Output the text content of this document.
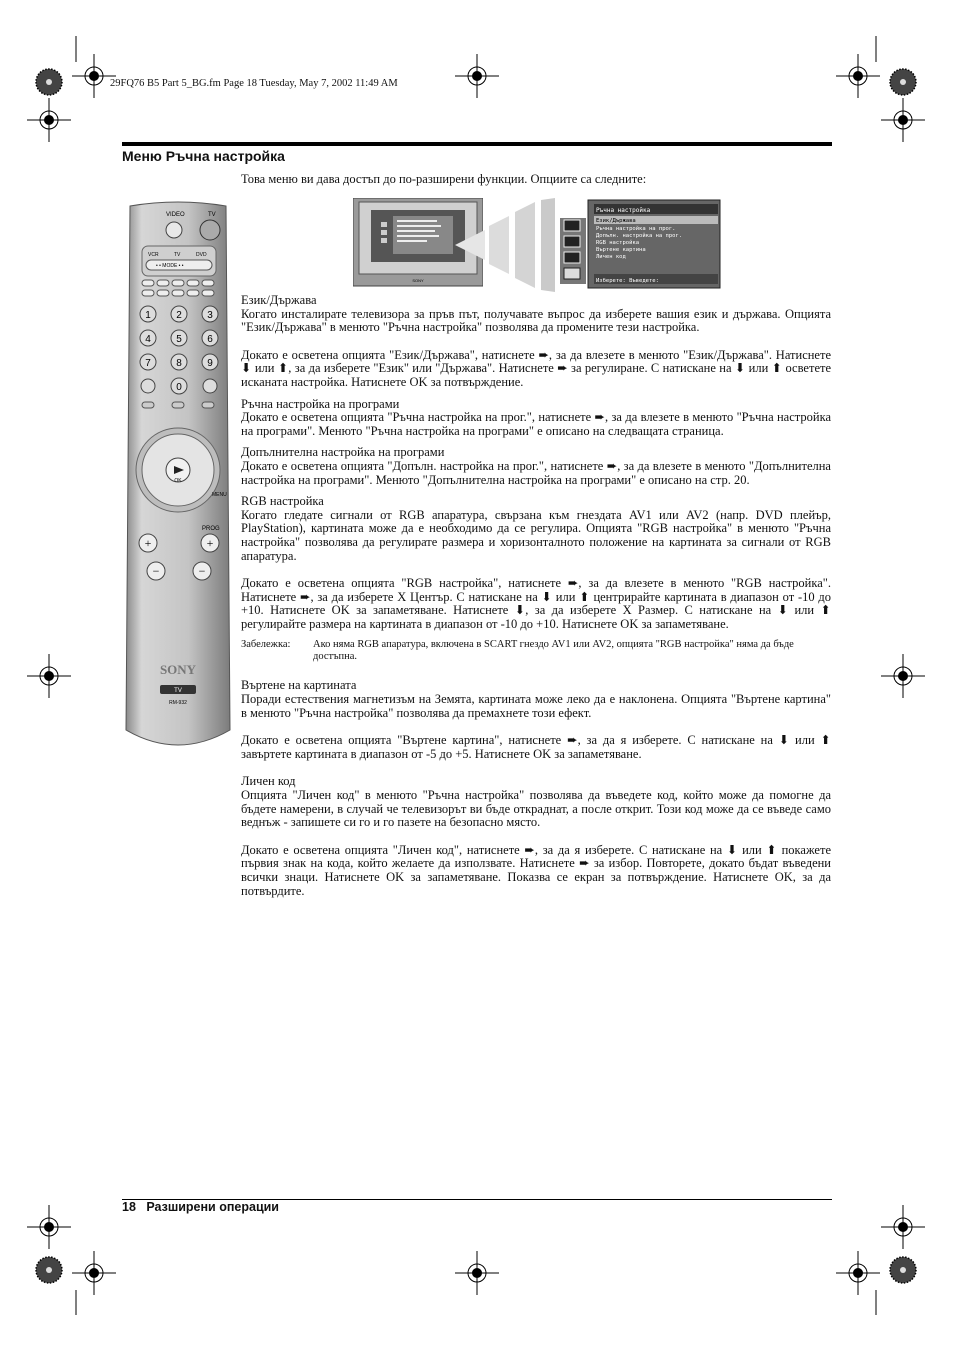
29FQ76 B5 Part 5_BG.fm Page 18 Tuesday, May 7, 2002 11:49 AM
Меню Ръчна настройка
Това меню ви дава достъп до по-разширени функции. Опциите са следните:
VIDEO	TV
VCR	TV	DVD
• • MODE • •
1	2	3
4	5	6
7	8	9
0
OK
MENU
PROG
+	+
−	−
SONY
TV
RM-932
SONY
Ръчна настройка
Език/Държава
Ръчна настройка на прог.
Допълн. настройка на прог.
RGB настройка
Въртене картина
Личен код
Изберете: Въведете:

Език/Държава

Когато инсталирате телевизора за пръв път, получавате въпрос да изберете вашия език и държава. Опцията "Език/Държава" в менюто "Ръчна настройка" позволява да промените тези настройка.

Докато е осветена опцията "Език/Държава", натиснете ➨, за да влезете в менюто "Език/Държава". Натиснете ⬇ или ⬆, за да изберете "Език" или "Държава". Натиснете ➨ за регулиране. С натискане на ⬇ или ⬆ осветете исканата настройка. Натиснете OK за потвърждение.

Ръчна настройка на програми

Докато е осветена опцията "Ръчна настройка на прог.", натиснете ➨, за да влезете в менюто "Ръчна настройка на програми". Менюто "Ръчна настройка на програми" е описано на следващата страница.

Допълнителна настройка на програми

Докато е осветена опцията "Допълн. настройка на прог.", натиснете ➨, за да влезете в менюто "Допълнителна настройка на програми". Менюто "Допълнителна настройка на програми" е описано на стр. 20.

RGB настройка

Когато гледате сигнали от RGB апаратура, свързана към гнездата AV1 или AV2 (напр. DVD плейър, PlayStation), картината може да е необходимо да се регулира. Опцията "RGB настройка" в менюто "Ръчна настройка" позволява да регулирате размера и хоризонталното положение на картината за сигнали от RGB апаратура.

Докато е осветена опцията "RGB настройка", натиснете ➨, за да влезете в менюто "RGB настройка". Натиснете ➨, за да изберете X Център. С натискане на ⬇ или ⬆ центрирайте картината в диапазон от -10 до +10. Натиснете OK за запаметяване. Натиснете ⬇, за да изберете X Размер. С натискане на ⬇ или ⬆ регулирайте размера на картината в диапазон от -10 до +10. Натиснете OK за запаметяване.

Забележка:	Ако няма RGB апаратура, включена в SCART гнездо AV1 или AV2, опцията "RGB настройка" няма да бъде достъпна.

Въртене на картината

Поради естествения магнетизъм на Земята, картината може леко да е наклонена. Опцията "Въртене картина" в менюто "Ръчна настройка" позволява да премахнете този ефект.

Докато е осветена опцията "Въртене картина", натиснете ➨, за да я изберете. С натискане на ⬇ или ⬆ завъртете картината в диапазон от -5 до +5. Натиснете OK за запаметяване.

Личен код

Опцията "Личен код" в менюто "Ръчна настройка" позволява да въведете код, който може да помогне да бъдете намерени, в случай че телевизорът ви бъде откраднат, а после открит. Този код може да се въведе само веднъж - запишете си го и го пазете на безопасно място.

Докато е осветена опцията "Личен код", натиснете ➨, за да я изберете. С натискане на ⬇ или ⬆ покажете първия знак на кода, който желаете да използвате. Натиснете ➨ за избор. Повторете, докато бъдат въведени всички знаци. Натиснете OK за запаметяване. Показва се екран за потвърждение. Натиснете OK, за да потвърдите.

18 Разширени операции
